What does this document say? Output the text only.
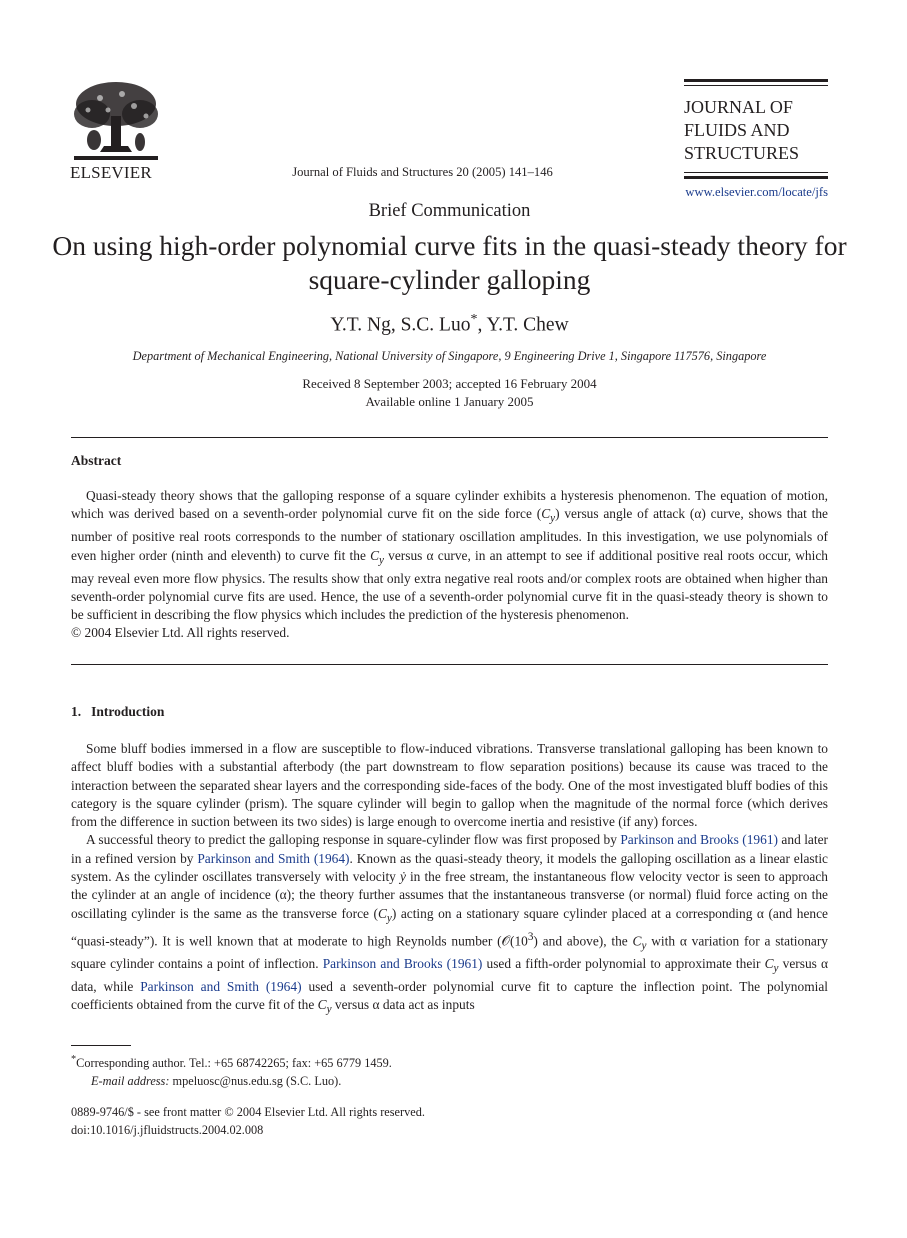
ELSEVIER	Journal of Fluids and Structures 20 (2005) 141–146
JOURNAL OF
FLUIDS AND
STRUCTURES
www.elsevier.com/locate/jfs
Brief Communication
On using high-order polynomial curve fits in the quasi-steady theory for square-cylinder galloping
Y.T. Ng, S.C. Luo*, Y.T. Chew
Department of Mechanical Engineering, National University of Singapore, 9 Engineering Drive 1, Singapore 117576, Singapore
Received 8 September 2003; accepted 16 February 2004
Available online 1 January 2005
Abstract

Quasi-steady theory shows that the galloping response of a square cylinder exhibits a hysteresis phenomenon. The equation of motion, which was derived based on a seventh-order polynomial curve fit on the side force $(C_y)$ versus angle of attack (α) curve, shows that the number of positive real roots corresponds to the number of stationary oscillation amplitudes. In this investigation, we use polynomials of even higher order (ninth and eleventh) to curve fit the $C_y$ versus α curve, in an attempt to see if additional positive real roots occur, which may reveal even more flow physics. The results show that only extra negative real roots and/or complex roots are obtained when higher than seventh-order polynomial curve fits are used. Hence, the use of a seventh-order polynomial curve fit in the quasi-steady theory is shown to be sufficient in describing the flow physics which includes the prediction of the hysteresis phenomenon.

© 2004 Elsevier Ltd. All rights reserved.
1. Introduction

Some bluff bodies immersed in a flow are susceptible to flow-induced vibrations. Transverse translational galloping has been known to affect bluff bodies with a substantial afterbody (the part downstream to flow separation positions) because its cause was traced to the interaction between the separated shear layers and the corresponding side-faces of the body. One of the most investigated bluff bodies of this category is the square cylinder (prism). The square cylinder will begin to gallop when the magnitude of the normal force (which derives from the difference in suction between its two sides) is large enough to overcome inertia and resistive (if any) forces.

A successful theory to predict the galloping response in square-cylinder flow was first proposed by Parkinson and Brooks (1961) and later in a refined version by Parkinson and Smith (1964). Known as the quasi-steady theory, it models the galloping oscillation as a linear elastic system. As the cylinder oscillates transversely with velocity ẏ in the free stream, the instantaneous flow velocity vector is seen to approach the cylinder at an angle of incidence (α); the theory further assumes that the instantaneous transverse (or normal) fluid force acting on the oscillating cylinder is the same as the transverse force $(C_y)$ acting on a stationary square cylinder placed at a corresponding α (and hence “quasi-steady”). It is well known that at moderate to high Reynolds number ($𝒪(10^3)$ and above), the $C_y$ with α variation for a stationary square cylinder contains a point of inflection. Parkinson and Brooks (1961) used a fifth-order polynomial to approximate their $C_y$ versus α data, while Parkinson and Smith (1964) used a seventh-order polynomial curve fit to capture the inflection point. The polynomial coefficients obtained from the curve fit of the $C_y$ versus α data act as inputs

*Corresponding author. Tel.: +65 68742265; fax: +65 6779 1459.
E-mail address: mpeluosc@nus.edu.sg (S.C. Luo).
0889-9746/$ - see front matter © 2004 Elsevier Ltd. All rights reserved.
doi:10.1016/j.jfluidstructs.2004.02.008
